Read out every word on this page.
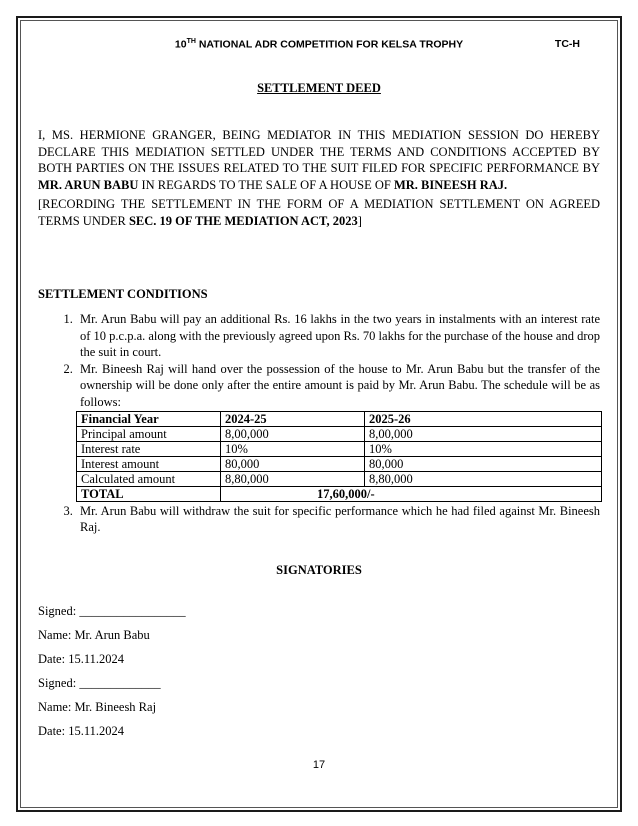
10TH NATIONAL ADR COMPETITION FOR KELSA TROPHY	TC-H
SETTLEMENT DEED
I, MS. HERMIONE GRANGER, BEING MEDIATOR IN THIS MEDIATION SESSION DO HEREBY DECLARE THIS MEDIATION SETTLED UNDER THE TERMS AND CONDITIONS ACCEPTED BY BOTH PARTIES ON THE ISSUES RELATED TO THE SUIT FILED FOR SPECIFIC PERFORMANCE BY MR. ARUN BABU IN REGARDS TO THE SALE OF A HOUSE OF MR. BINEESH RAJ.
[RECORDING THE SETTLEMENT IN THE FORM OF A MEDIATION SETTLEMENT ON AGREED TERMS UNDER SEC. 19 OF THE MEDIATION ACT, 2023]
SETTLEMENT CONDITIONS
1. Mr. Arun Babu will pay an additional Rs. 16 lakhs in the two years in instalments with an interest rate of 10 p.c.p.a. along with the previously agreed upon Rs. 70 lakhs for the purchase of the house and drop the suit in court.
2. Mr. Bineesh Raj will hand over the possession of the house to Mr. Arun Babu but the transfer of the ownership will be done only after the entire amount is paid by Mr. Arun Babu. The schedule will be as follows:
Financial Year	2024-25	2025-26
Principal amount	8,00,000	8,00,000
Interest rate	10%	10%
Interest amount	80,000	80,000
Calculated amount	8,80,000	8,80,000
TOTAL	17,60,000/-	
3. Mr. Arun Babu will withdraw the suit for specific performance which he had filed against Mr. Bineesh Raj.
SIGNATORIES
Signed: _________________
Name: Mr. Arun Babu
Date: 15.11.2024
Signed: _____________
Name: Mr. Bineesh Raj
Date: 15.11.2024
17
